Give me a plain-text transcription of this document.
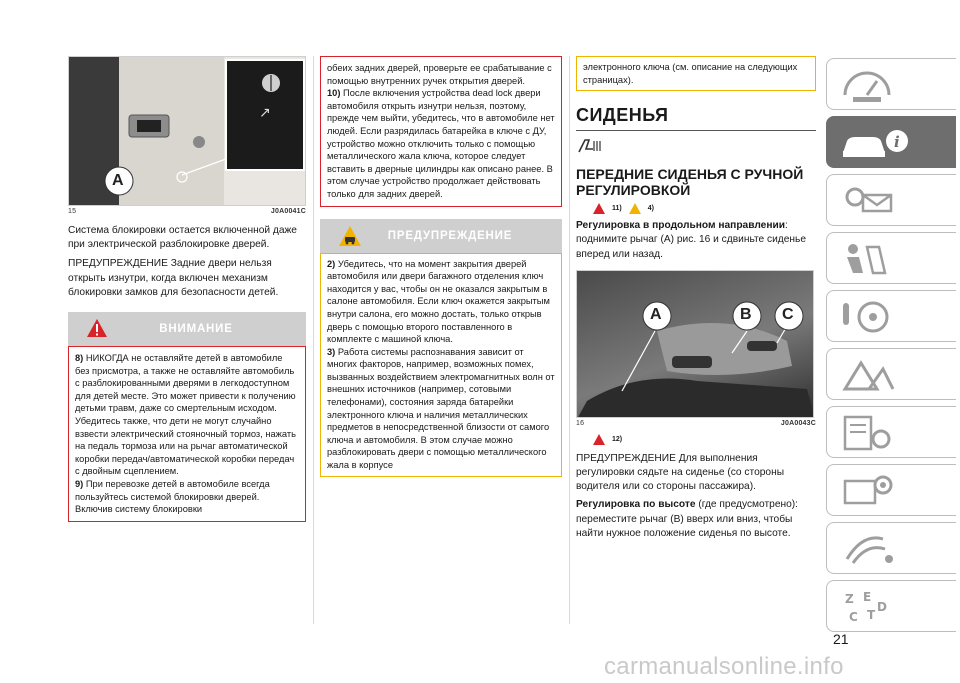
↗
A
15	J0A0041C

Система блокировки остается включенной даже при электрической разблокировке дверей.

ПРЕДУПРЕЖДЕНИЕ Задние двери нельзя открыть изнутри, когда включен механизм блокировки замков для безопасности детей.

ВНИМАНИЕ

8) НИКОГДА не оставляйте детей в автомобиле без присмотра, а также не оставляйте автомобиль с разблокированными дверями в легкодоступном для детей месте. Это может привести к получению детьми травм, даже со смертельным исходом. Убедитесь также, что дети не могут случайно взвести электрический стояночный тормоз, нажать на педаль тормоза или на рычаг автоматической коробки передач/автоматической коробки передач с двойным сцеплением.

9) При перевозке детей в автомобиле всегда пользуйтесь системой блокировки дверей. Включив систему блокировки

обеих задних дверей, проверьте ее срабатывание с помощью внутренних ручек открытия дверей.

10) После включения устройства dead lock двери автомобиля открыть изнутри нельзя, поэтому, прежде чем выйти, убедитесь, что в автомобиле нет людей. Если разрядилась батарейка в ключе с ДУ, устройство можно отключить только с помощью металлического жала ключа, которое следует вставить в дверные цилиндры как описано ранее. В этом случае устройство продолжает действовать только для задних дверей.

ПРЕДУПРЕЖДЕНИЕ

2) Убедитесь, что на момент закрытия дверей автомобиля или двери багажного отделения ключ находится у вас, чтобы он не оказался закрытым в салоне автомобиля. Если ключ окажется закрытым внутри салона, его можно достать, только открыв дверь с помощью второго поставленного в комплекте с машиной ключа.

3) Работа системы распознавания зависит от многих факторов, например, возможных помех, вызванных воздействием электромагнитных волн от внешних источников (например, сотовыми телефонами), состояния заряда батарейки электронного ключа и наличия металлических предметов в непосредственной близости от самого ключа и автомобиля. В этом случае можно разблокировать двери с помощью металлического жала в корпусе

электронного ключа (см. описание на следующих страницах).

СИДЕНЬЯ
ПЕРЕДНИЕ СИДЕНЬЯ С РУЧНОЙ РЕГУЛИРОВКОЙ
11)	4)

Регулировка в продольном направлении: поднимите рычаг (A) рис. 16 и сдвиньте сиденье вперед или назад.

A	B C
16	J0A0043C
12)

ПРЕДУПРЕЖДЕНИЕ Для выполнения регулировки сядьте на сиденье (со стороны водителя или со стороны пассажира).

Регулировка по высоте (где предусмотрено): переместите рычаг (B) вверх или вниз, чтобы найти нужное положение сиденья по высоте.

i
Z E
C T
D
21
carmanualsonline.info
